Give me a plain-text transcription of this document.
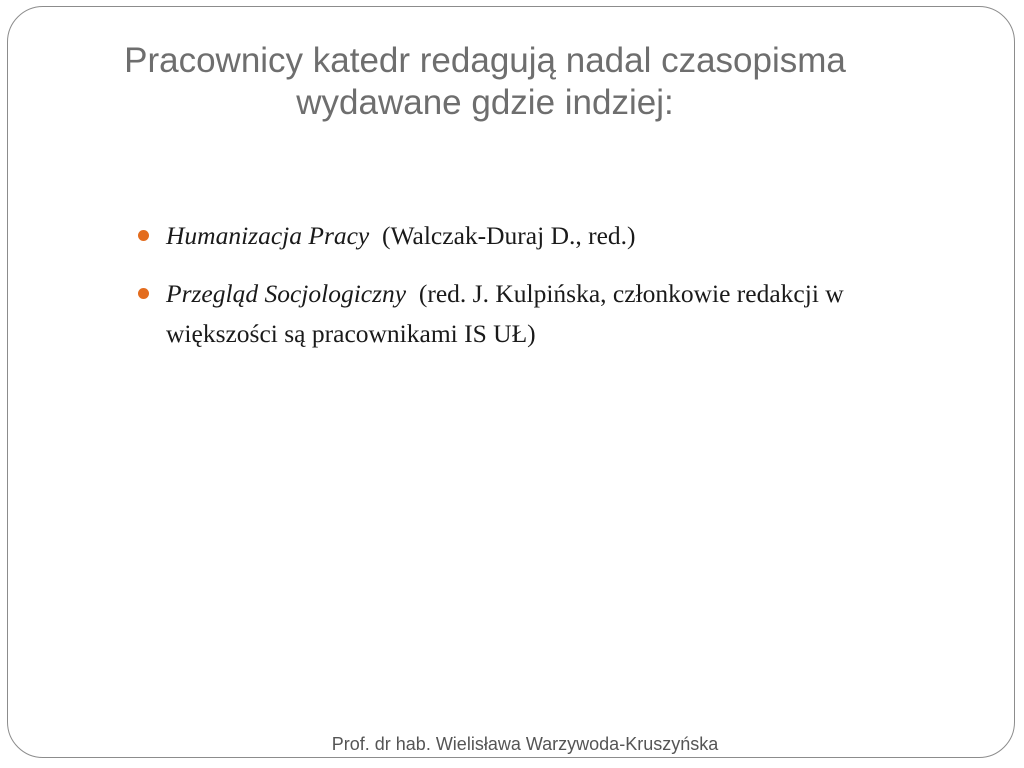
Pracownicy katedr redagują nadal czasopisma
wydawane gdzie indziej:
Humanizacja Pracy (Walczak-Duraj D., red.)
Przegląd Socjologiczny (red. J. Kulpińska, członkowie redakcji w większości są pracownikami IS UŁ)
Prof. dr hab. Wielisława Warzywoda-Kruszyńska
